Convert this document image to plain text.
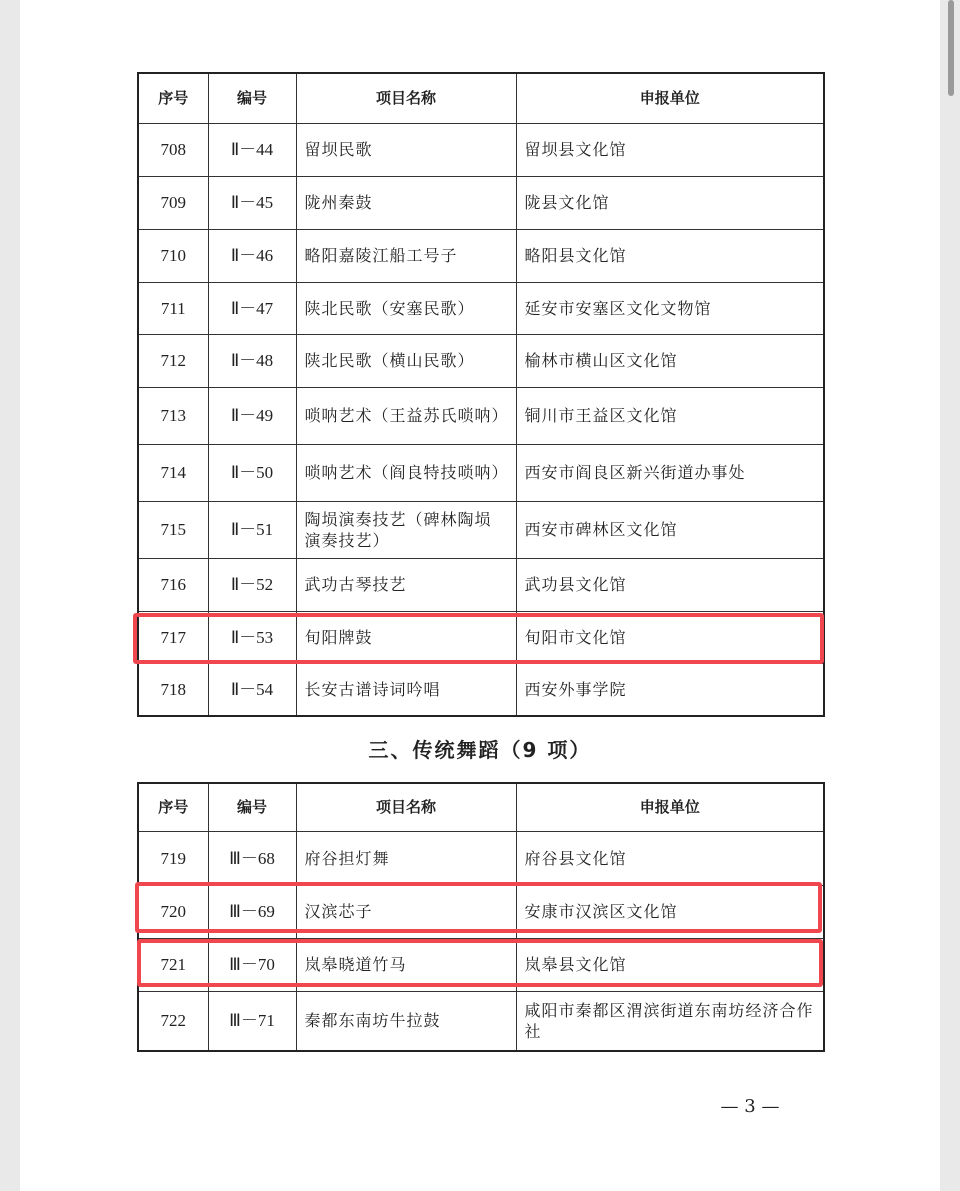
序号	编号	项目名称	申报单位
708	Ⅱ－44	留坝民歌	留坝县文化馆
709	Ⅱ－45	陇州秦鼓	陇县文化馆
710	Ⅱ－46	略阳嘉陵江船工号子	略阳县文化馆
711	Ⅱ－47	陕北民歌（安塞民歌）	延安市安塞区文化文物馆
712	Ⅱ－48	陕北民歌（横山民歌）	榆林市横山区文化馆
713	Ⅱ－49	唢呐艺术（王益苏氏唢呐）	铜川市王益区文化馆
714	Ⅱ－50	唢呐艺术（阎良特技唢呐）	西安市阎良区新兴街道办事处
715	Ⅱ－51	陶埙演奏技艺（碑林陶埙演奏技艺）	西安市碑林区文化馆
716	Ⅱ－52	武功古琴技艺	武功县文化馆
717	Ⅱ－53	旬阳牌鼓	旬阳市文化馆
718	Ⅱ－54	长安古谱诗词吟唱	西安外事学院
三、传统舞蹈（9 项）
序号	编号	项目名称	申报单位
719	Ⅲ－68	府谷担灯舞	府谷县文化馆
720	Ⅲ－69	汉滨芯子	安康市汉滨区文化馆
721	Ⅲ－70	岚皋晓道竹马	岚皋县文化馆
722	Ⅲ－71	秦都东南坊牛拉鼓	咸阳市秦都区渭滨街道东南坊经济合作社
— 3 —
